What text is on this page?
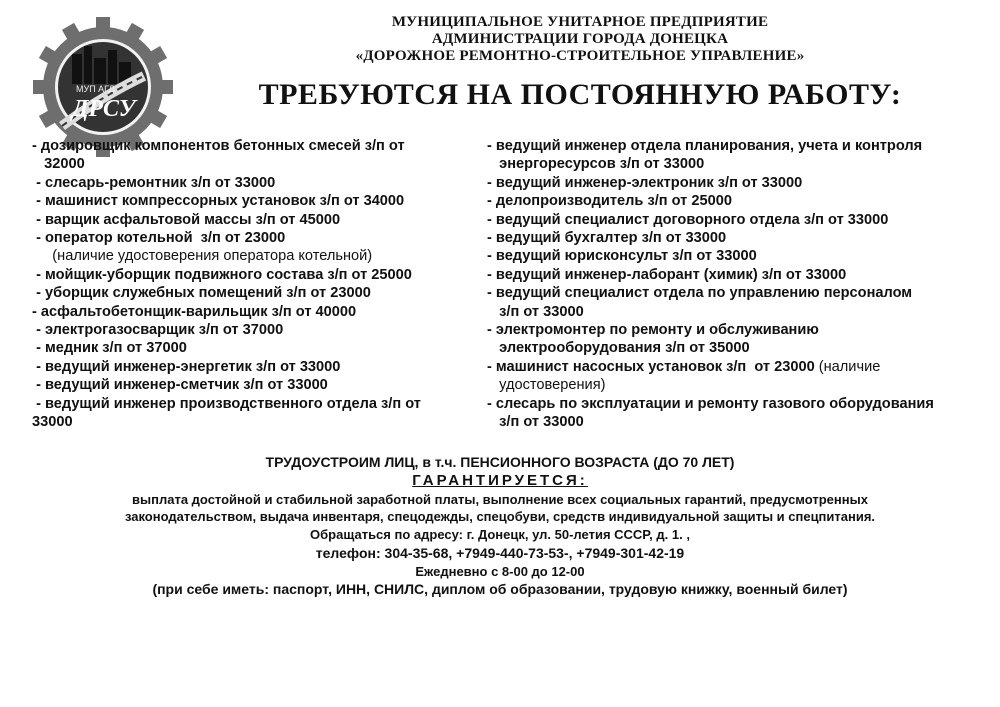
МУП АГД
ДРСУ
МУНИЦИПАЛЬНОЕ УНИТАРНОЕ ПРЕДПРИЯТИЕ
АДМИНИСТРАЦИИ ГОРОДА ДОНЕЦКА
«ДОРОЖНОЕ РЕМОНТНО-СТРОИТЕЛЬНОЕ УПРАВЛЕНИЕ»
ТРЕБУЮТСЯ НА ПОСТОЯННУЮ РАБОТУ:
- дозировщик компонентов бетонных смесей з/п от
32000
- слесарь-ремонтник з/п от 33000
- машинист компрессорных установок з/п от 34000
- варщик асфальтовой массы з/п от 45000
- оператор котельной  з/п от 23000
(наличие удостоверения оператора котельной)
- мойщик-уборщик подвижного состава з/п от 25000
- уборщик служебных помещений з/п от 23000
- асфальтобетонщик-варильщик з/п от 40000
- электрогазосварщик з/п от 37000
- медник з/п от 37000
- ведущий инженер-энергетик з/п от 33000
- ведущий инженер-сметчик з/п от 33000
- ведущий инженер производственного отдела з/п от
33000
- ведущий инженер отдела планирования, учета и контроля
энергоресурсов з/п от 33000
- ведущий инженер-электроник з/п от 33000
- делопроизводитель з/п от 25000
- ведущий специалист договорного отдела з/п от 33000
- ведущий бухгалтер з/п от 33000
- ведущий юрисконсульт з/п от 33000
- ведущий инженер-лаборант (химик) з/п от 33000
- ведущий специалист отдела по управлению персоналом
з/п от 33000
- электромонтер по ремонту и обслуживанию
электрооборудования з/п от 35000
- машинист насосных установок з/п  от 23000 (наличие
удостоверения)
- слесарь по эксплуатации и ремонту газового оборудования
з/п от 33000
ТРУДОУСТРОИМ ЛИЦ, в т.ч. ПЕНСИОННОГО ВОЗРАСТА (ДО 70 ЛЕТ)
ГАРАНТИРУЕТСЯ:
выплата достойной и стабильной заработной платы, выполнение всех социальных гарантий, предусмотренных
законодательством, выдача инвентаря, спецодежды, спецобуви, средств индивидуальной защиты и спецпитания.
Обращаться по адресу: г. Донецк, ул. 50-летия СССР, д. 1. ,
телефон: 304-35-68, +7949-440-73-53-, +7949-301-42-19
Ежедневно с 8-00 до 12-00
(при себе иметь: паспорт, ИНН, СНИЛС, диплом об образовании, трудовую книжку, военный билет)
